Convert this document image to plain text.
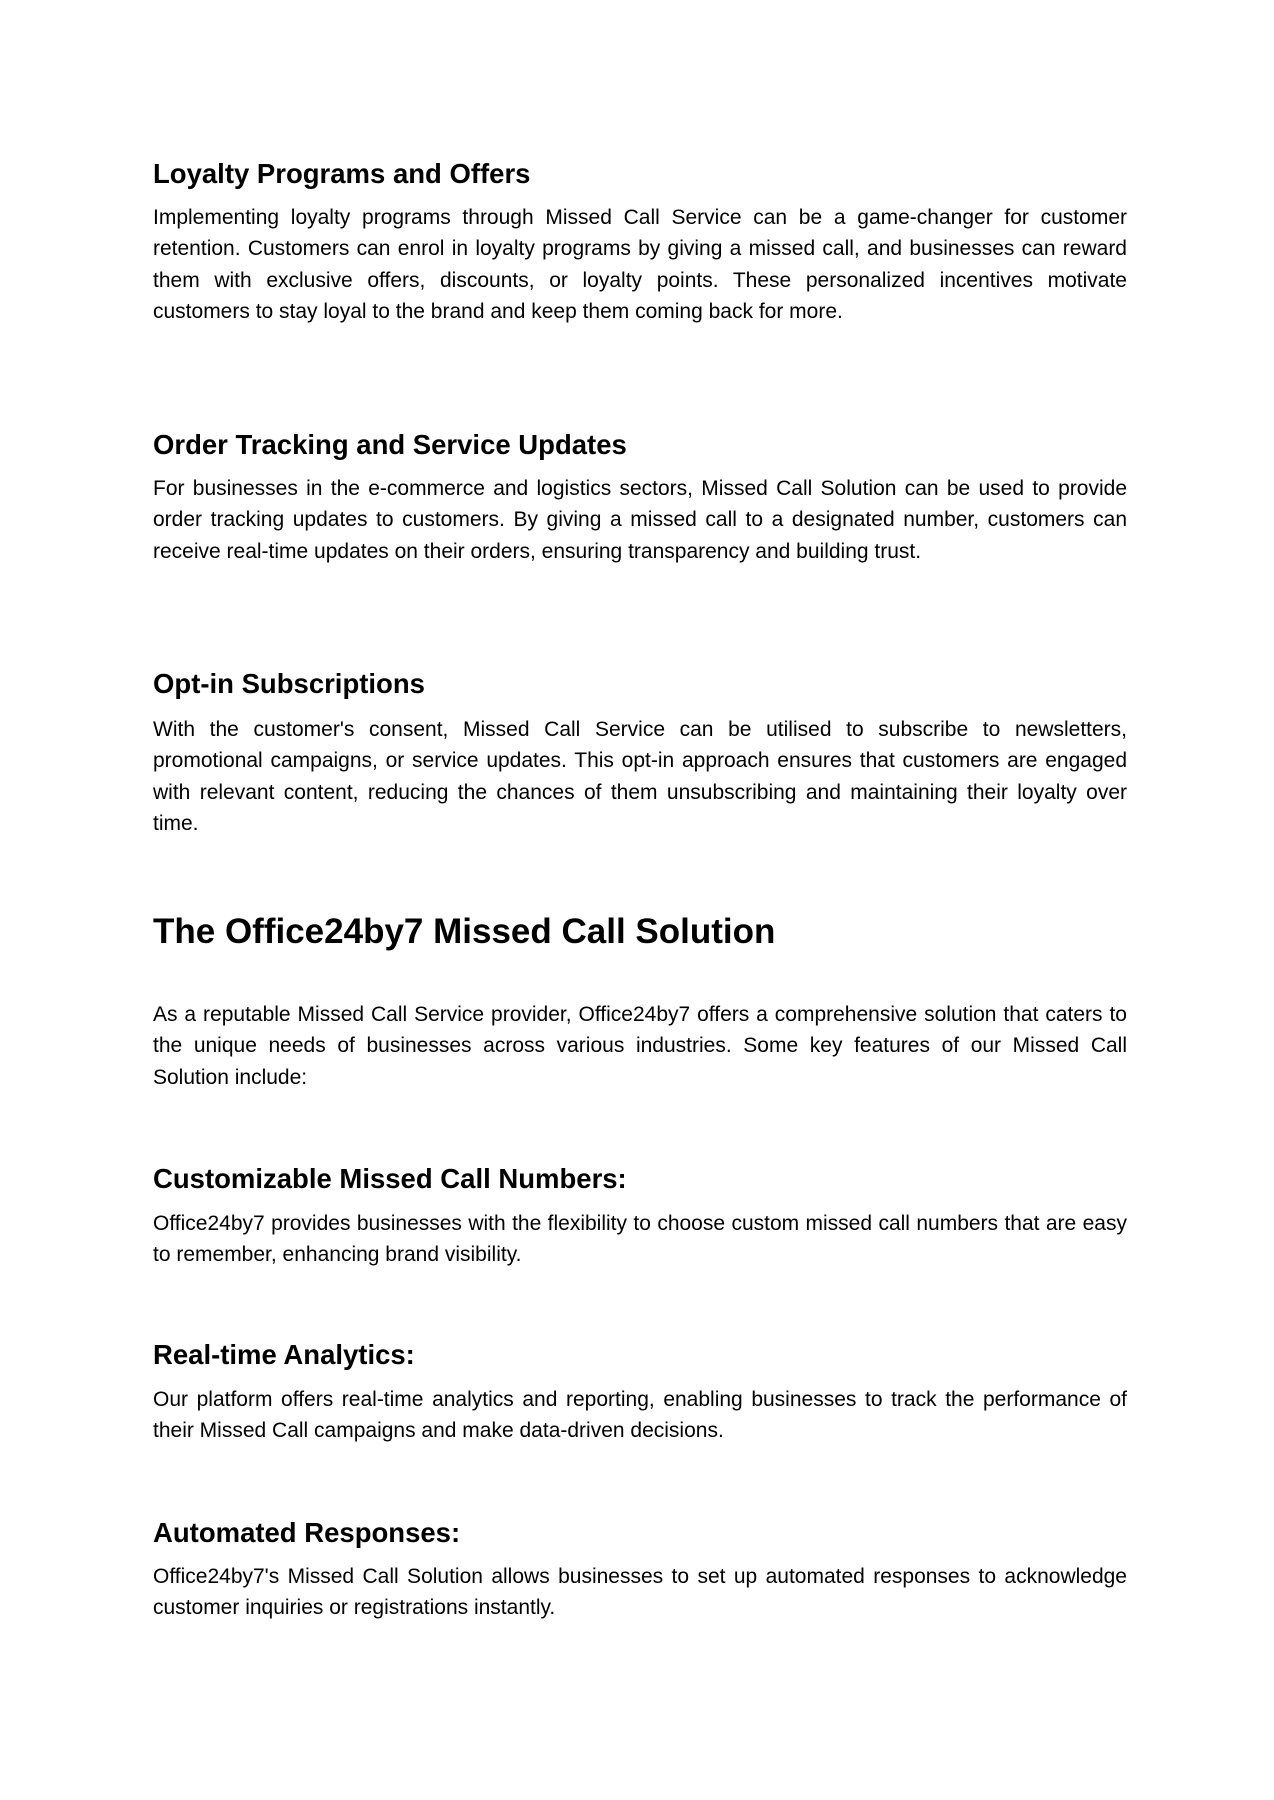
Loyalty Programs and Offers

Implementing loyalty programs through Missed Call Service can be a game-changer for customer retention. Customers can enrol in loyalty programs by giving a missed call, and businesses can reward them with exclusive offers, discounts, or loyalty points. These personalized incentives motivate customers to stay loyal to the brand and keep them coming back for more.

Order Tracking and Service Updates

For businesses in the e-commerce and logistics sectors, Missed Call Solution can be used to provide order tracking updates to customers. By giving a missed call to a designated number, customers can receive real-time updates on their orders, ensuring transparency and building trust.

Opt-in Subscriptions

With the customer's consent, Missed Call Service can be utilised to subscribe to newsletters, promotional campaigns, or service updates. This opt-in approach ensures that customers are engaged with relevant content, reducing the chances of them unsubscribing and maintaining their loyalty over time.

The Office24by7 Missed Call Solution

As a reputable Missed Call Service provider, Office24by7 offers a comprehensive solution that caters to the unique needs of businesses across various industries. Some key features of our Missed Call Solution include:

Customizable Missed Call Numbers:

Office24by7 provides businesses with the flexibility to choose custom missed call numbers that are easy to remember, enhancing brand visibility.

Real-time Analytics:

Our platform offers real-time analytics and reporting, enabling businesses to track the performance of their Missed Call campaigns and make data-driven decisions.

Automated Responses:

Office24by7's Missed Call Solution allows businesses to set up automated responses to acknowledge customer inquiries or registrations instantly.
